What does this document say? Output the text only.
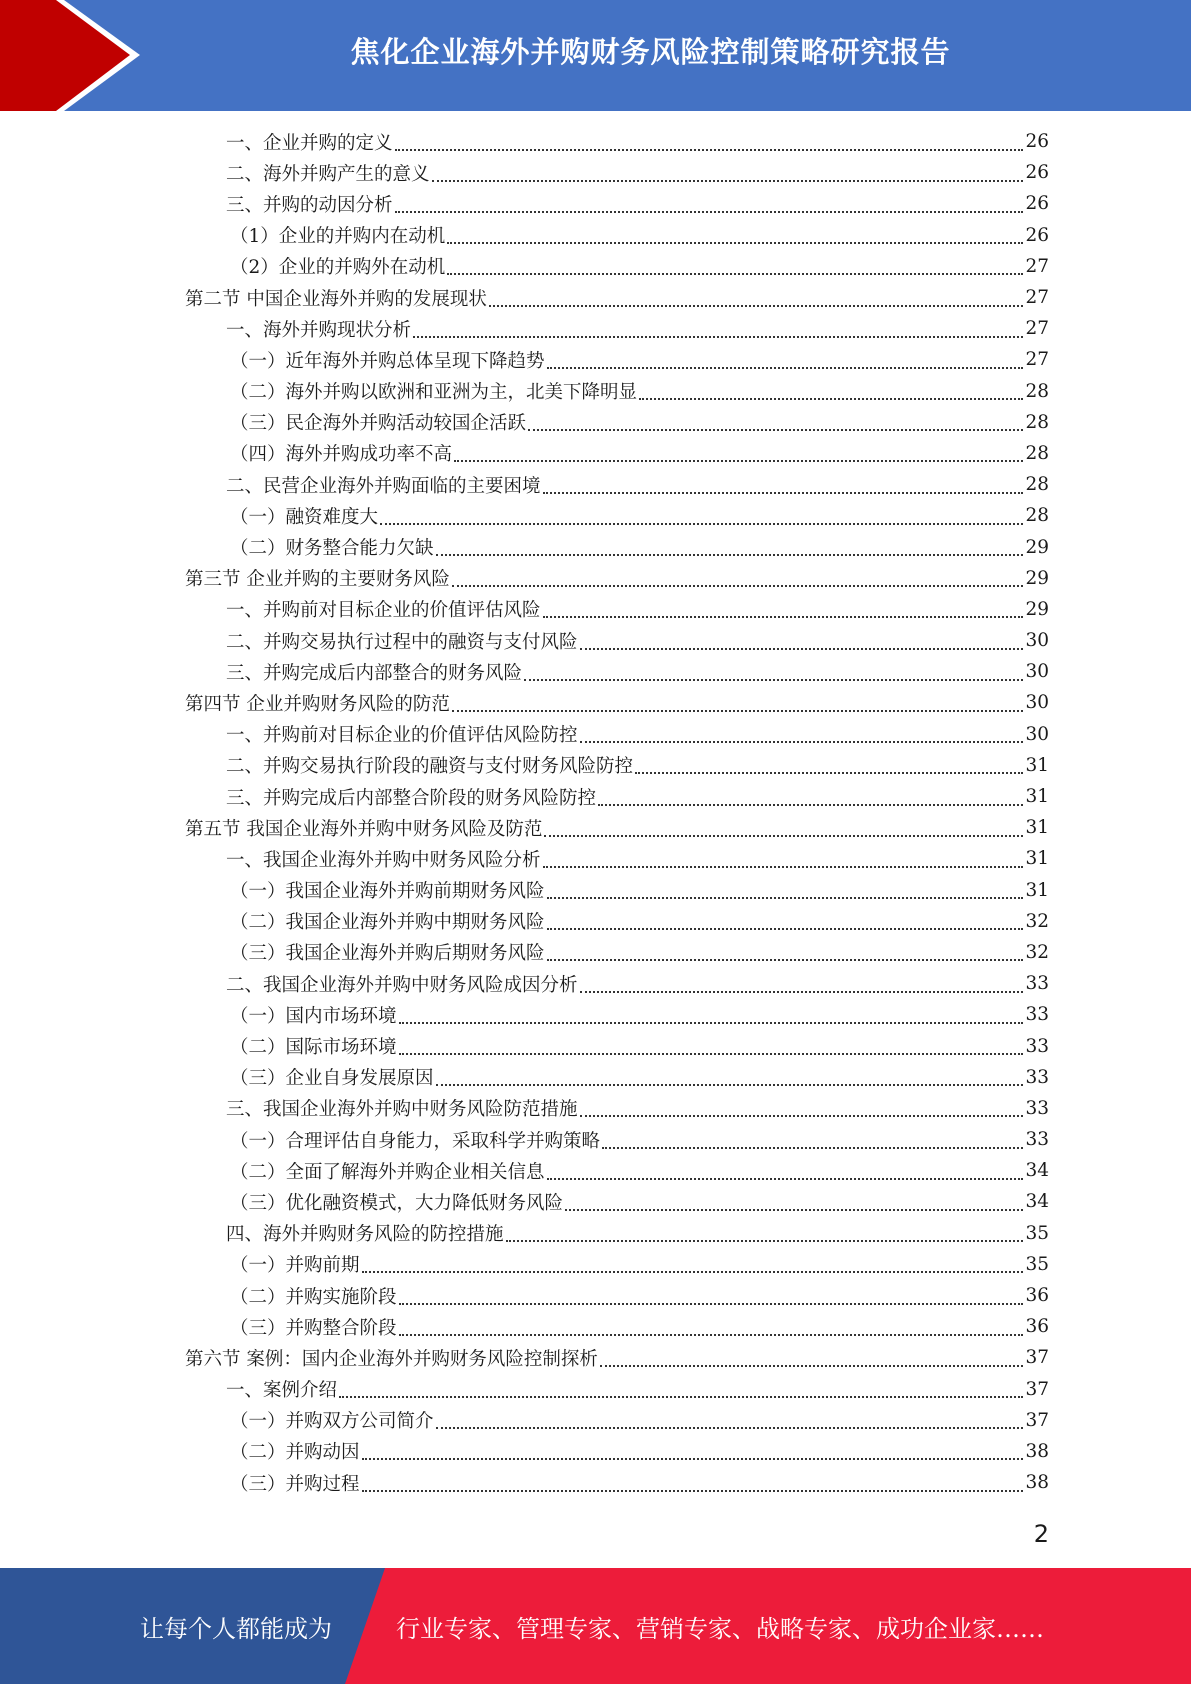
焦化企业海外并购财务风险控制策略研究报告
一、企业并购的定义	26
二、海外并购产生的意义	26
三、并购的动因分析	26
（1）企业的并购内在动机	26
（2）企业的并购外在动机	27
第二节 中国企业海外并购的发展现状	27
一、海外并购现状分析	27
（一）近年海外并购总体呈现下降趋势	27
（二）海外并购以欧洲和亚洲为主，北美下降明显	28
（三）民企海外并购活动较国企活跃	28
（四）海外并购成功率不高	28
二、民营企业海外并购面临的主要困境	28
（一）融资难度大	28
（二）财务整合能力欠缺	29
第三节 企业并购的主要财务风险	29
一、并购前对目标企业的价值评估风险	29
二、并购交易执行过程中的融资与支付风险	30
三、并购完成后内部整合的财务风险	30
第四节 企业并购财务风险的防范	30
一、并购前对目标企业的价值评估风险防控	30
二、并购交易执行阶段的融资与支付财务风险防控	31
三、并购完成后内部整合阶段的财务风险防控	31
第五节 我国企业海外并购中财务风险及防范	31
一、我国企业海外并购中财务风险分析	31
（一）我国企业海外并购前期财务风险	31
（二）我国企业海外并购中期财务风险	32
（三）我国企业海外并购后期财务风险	32
二、我国企业海外并购中财务风险成因分析	33
（一）国内市场环境	33
（二）国际市场环境	33
（三）企业自身发展原因	33
三、我国企业海外并购中财务风险防范措施	33
（一）合理评估自身能力，采取科学并购策略	33
（二）全面了解海外并购企业相关信息	34
（三）优化融资模式，大力降低财务风险	34
四、海外并购财务风险的防控措施	35
（一）并购前期	35
（二）并购实施阶段	36
（三）并购整合阶段	36
第六节 案例：国内企业海外并购财务风险控制探析	37
一、案例介绍	37
（一）并购双方公司简介	37
（二）并购动因	38
（三）并购过程	38
2
让每个人都能成为	行业专家、管理专家、营销专家、战略专家、成功企业家……
